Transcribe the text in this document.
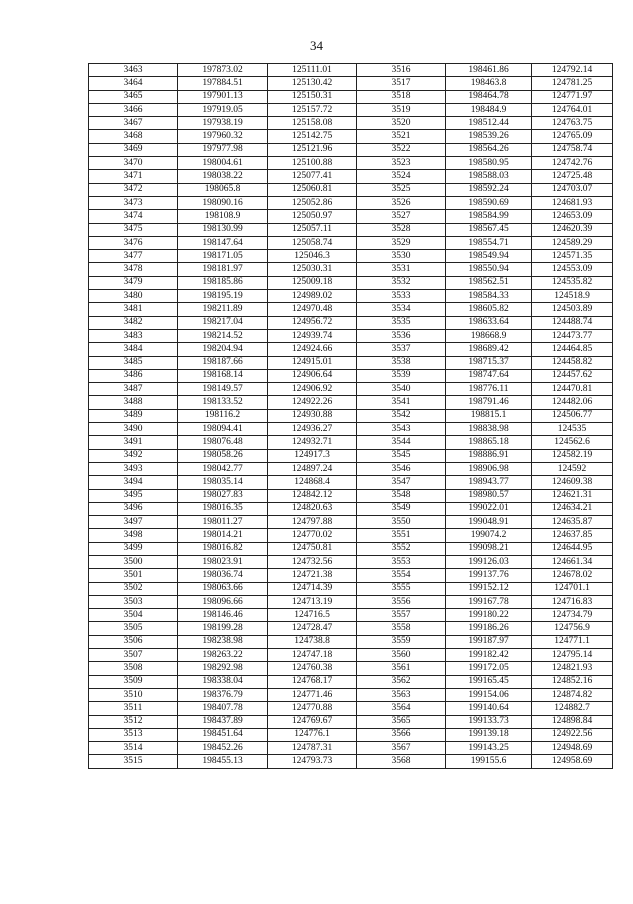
34
3463	197873.02	125111.01	3516	198461.86	124792.14
3464	197884.51	125130.42	3517	198463.8	124781.25
3465	197901.13	125150.31	3518	198464.78	124771.97
3466	197919.05	125157.72	3519	198484.9	124764.01
3467	197938.19	125158.08	3520	198512.44	124763.75
3468	197960.32	125142.75	3521	198539.26	124765.09
3469	197977.98	125121.96	3522	198564.26	124758.74
3470	198004.61	125100.88	3523	198580.95	124742.76
3471	198038.22	125077.41	3524	198588.03	124725.48
3472	198065.8	125060.81	3525	198592.24	124703.07
3473	198090.16	125052.86	3526	198590.69	124681.93
3474	198108.9	125050.97	3527	198584.99	124653.09
3475	198130.99	125057.11	3528	198567.45	124620.39
3476	198147.64	125058.74	3529	198554.71	124589.29
3477	198171.05	125046.3	3530	198549.94	124571.35
3478	198181.97	125030.31	3531	198550.94	124553.09
3479	198185.86	125009.18	3532	198562.51	124535.82
3480	198195.19	124989.02	3533	198584.33	124518.9
3481	198211.89	124970.48	3534	198605.82	124503.89
3482	198217.04	124956.72	3535	198633.64	124488.74
3483	198214.52	124939.74	3536	198668.9	124473.77
3484	198204.94	124924.66	3537	198689.42	124464.85
3485	198187.66	124915.01	3538	198715.37	124458.82
3486	198168.14	124906.64	3539	198747.64	124457.62
3487	198149.57	124906.92	3540	198776.11	124470.81
3488	198133.52	124922.26	3541	198791.46	124482.06
3489	198116.2	124930.88	3542	198815.1	124506.77
3490	198094.41	124936.27	3543	198838.98	124535
3491	198076.48	124932.71	3544	198865.18	124562.6
3492	198058.26	124917.3	3545	198886.91	124582.19
3493	198042.77	124897.24	3546	198906.98	124592
3494	198035.14	124868.4	3547	198943.77	124609.38
3495	198027.83	124842.12	3548	198980.57	124621.31
3496	198016.35	124820.63	3549	199022.01	124634.21
3497	198011.27	124797.88	3550	199048.91	124635.87
3498	198014.21	124770.02	3551	199074.2	124637.85
3499	198016.82	124750.81	3552	199098.21	124644.95
3500	198023.91	124732.56	3553	199126.03	124661.34
3501	198036.74	124721.38	3554	199137.76	124678.02
3502	198063.66	124714.39	3555	199152.12	124701.1
3503	198096.66	124713.19	3556	199167.78	124716.83
3504	198146.46	124716.5	3557	199180.22	124734.79
3505	198199.28	124728.47	3558	199186.26	124756.9
3506	198238.98	124738.8	3559	199187.97	124771.1
3507	198263.22	124747.18	3560	199182.42	124795.14
3508	198292.98	124760.38	3561	199172.05	124821.93
3509	198338.04	124768.17	3562	199165.45	124852.16
3510	198376.79	124771.46	3563	199154.06	124874.82
3511	198407.78	124770.88	3564	199140.64	124882.7
3512	198437.89	124769.67	3565	199133.73	124898.84
3513	198451.64	124776.1	3566	199139.18	124922.56
3514	198452.26	124787.31	3567	199143.25	124948.69
3515	198455.13	124793.73	3568	199155.6	124958.69
